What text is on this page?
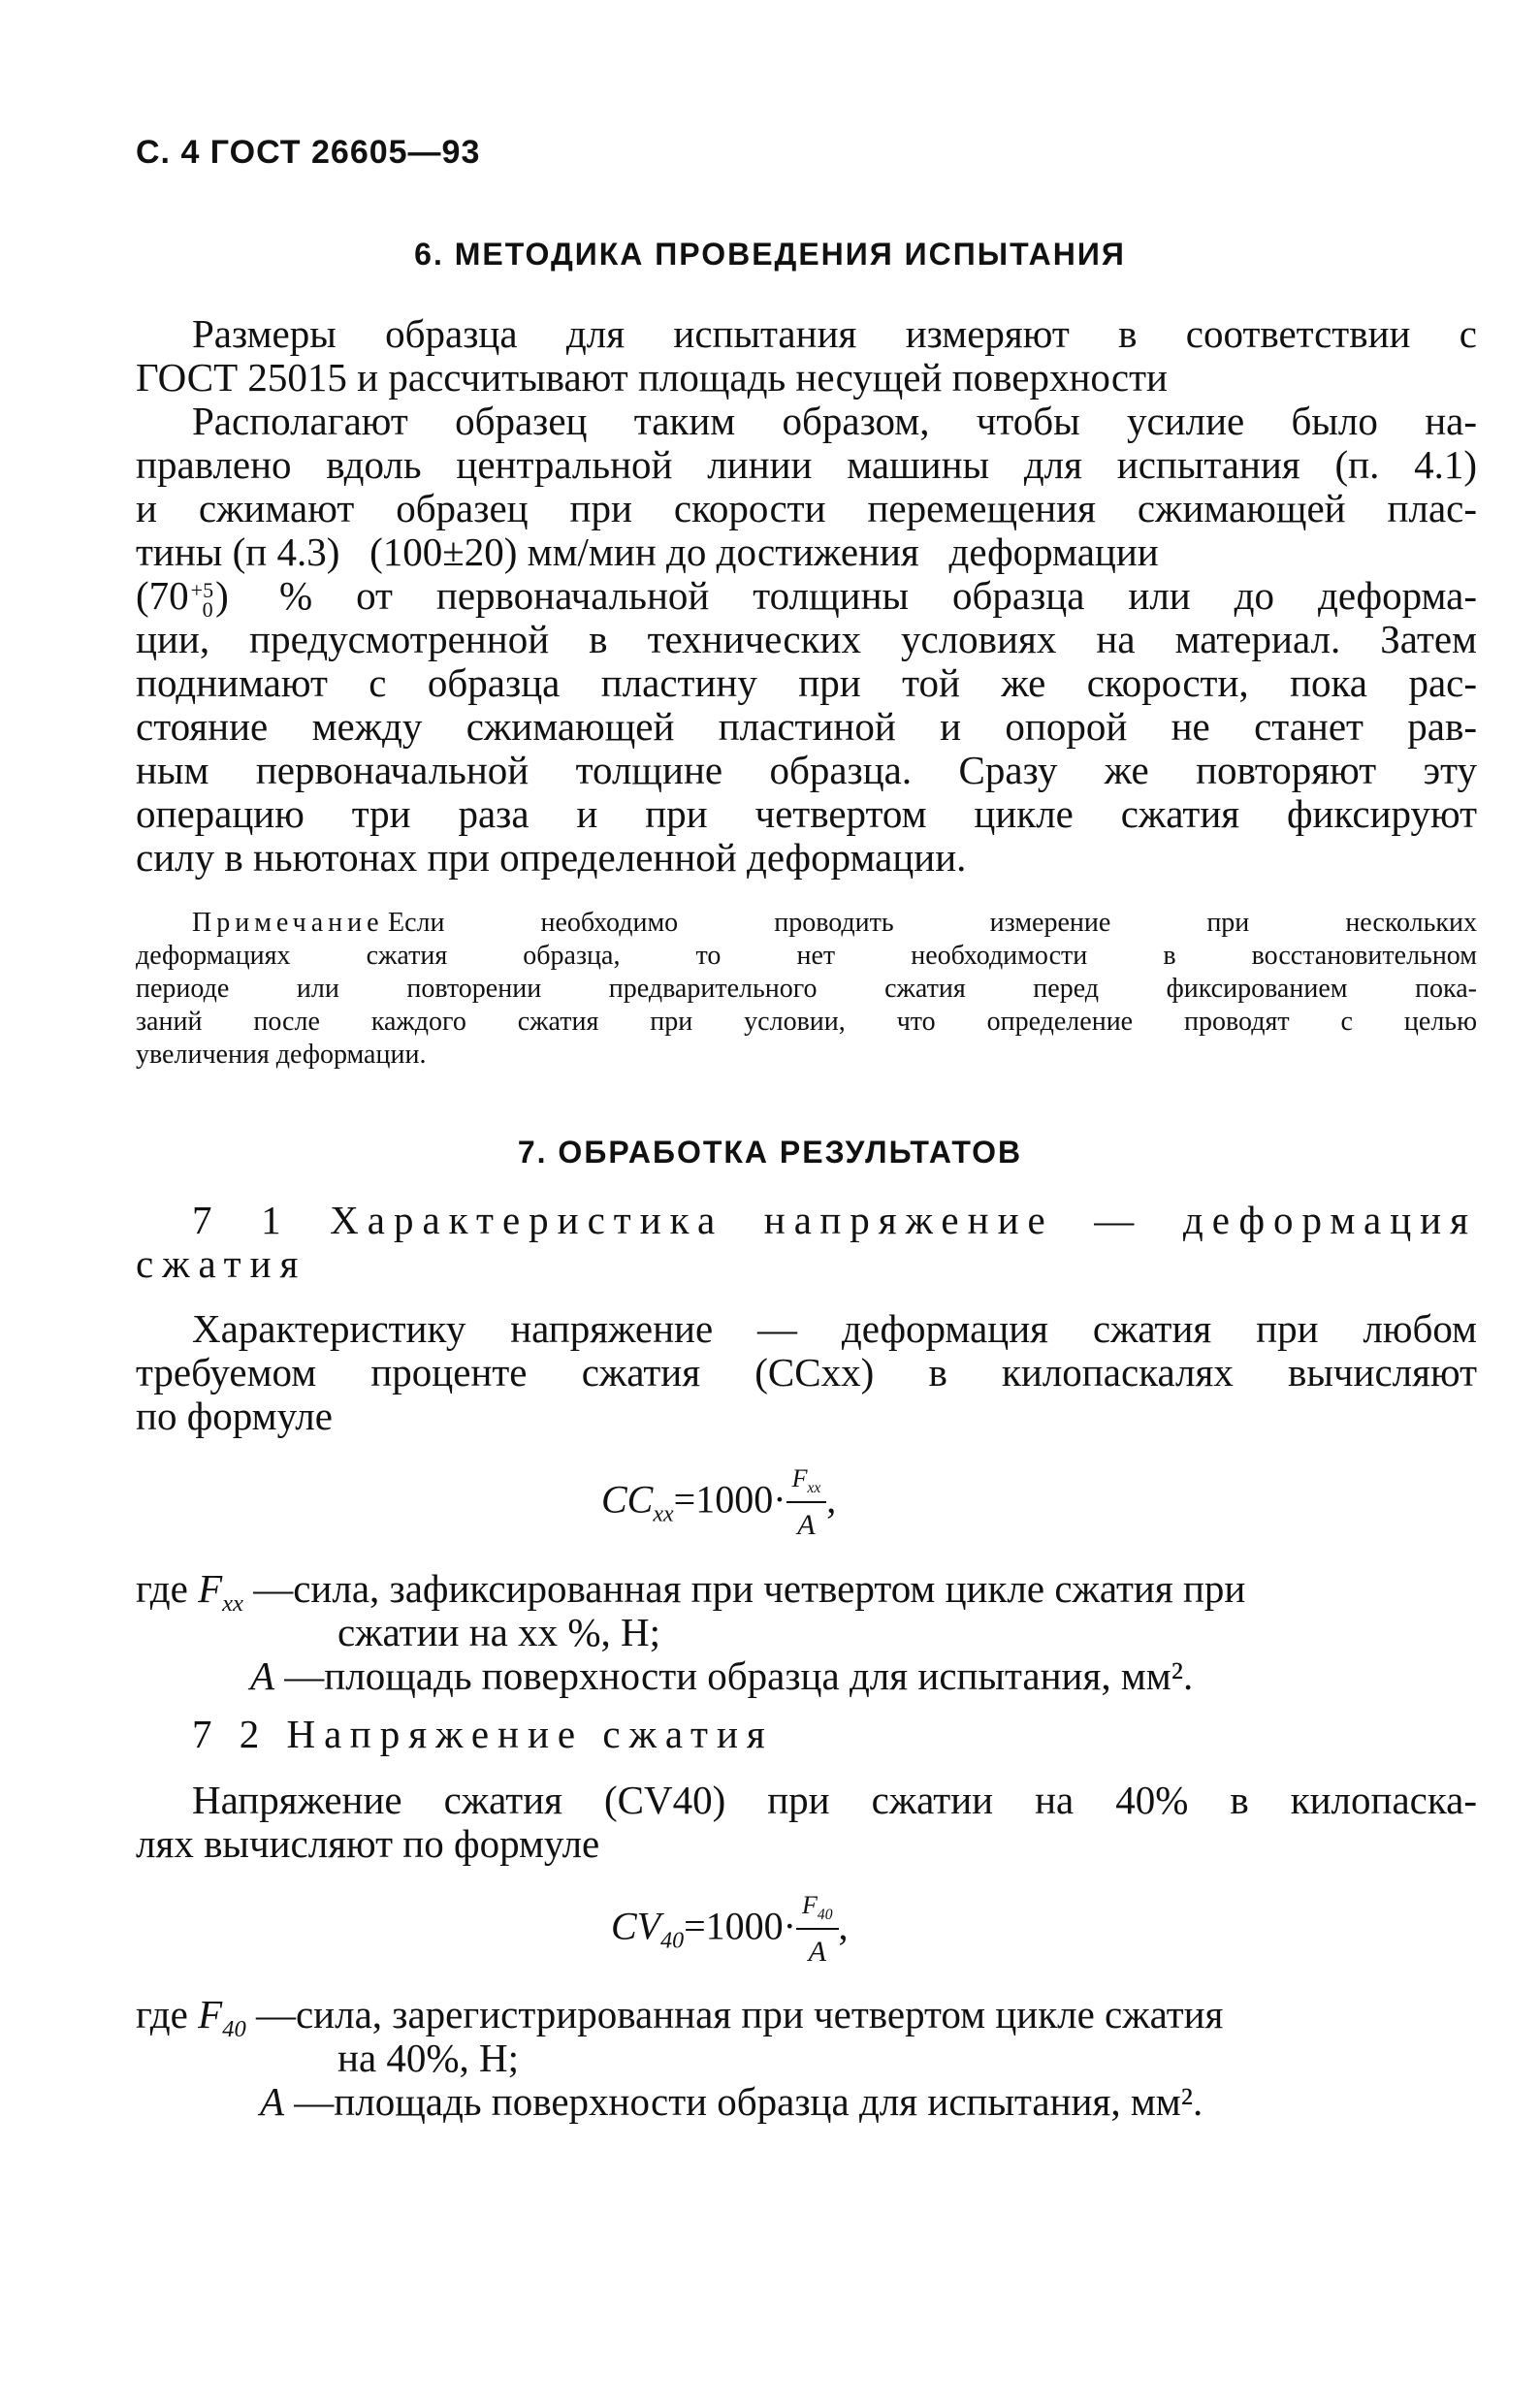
С. 4 ГОСТ 26605—93
6. МЕТОДИКА ПРОВЕДЕНИЯ ИСПЫТАНИЯ
Размеры образца для испытания измеряют в соответствии с
ГОСТ 25015 и рассчитывают площадь несущей поверхности
Располагают образец таким образом, чтобы усилие было на-
правлено вдоль центральной линии машины для испытания (п. 4.1)
и сжимают образец при скорости перемещения сжимающей плас-
тины (п 4.3)   (100±20) мм/мин до достижения   деформации
(70 +5
0 ) % от первоначальной толщины образца или до деформа-
ции, предусмотренной в технических условиях на материал. Затем
поднимают с образца пластину при той же скорости, пока рас-
стояние между сжимающей пластиной и опорой не станет рав-
ным первоначальной толщине образца. Сразу же повторяют эту
операцию три раза и при четвертом цикле сжатия фиксируют
силу в ньютонах при определенной деформации.
Примечание Если необходимо проводить измерение при нескольких
деформациях сжатия образца, то нет необходимости в восстановительном
периоде или повторении предварительного сжатия перед фиксированием пока-
заний после каждого сжатия при условии, что определение проводят с целью
увеличения деформации.
7. ОБРАБОТКА РЕЗУЛЬТАТОВ
7 1 Характеристика напряжение — деформация
сжатия
Характеристику напряжение — деформация сжатия при любом
требуемом проценте сжатия (CCxx) в килопаскалях вычисляют
по формуле
$CC_{xx}=1000\cdot \frac{F_{xx}}{A}$ ,
где $F_{xx}$ —сила, зафиксированная при четвертом цикле сжатия при
сжатии на xx %, Н;
A —площадь поверхности образца для испытания, мм².
7 2 Напряжение сжатия
Напряжение сжатия (CV40) при сжатии на 40% в килопаска-
лях вычисляют по формуле
$CV_{40}=1000\cdot \frac{F_{40}}{A}$ ,
где $F_{40}$ —сила, зарегистрированная при четвертом цикле сжатия
на 40%, Н;
A —площадь поверхности образца для испытания, мм².
